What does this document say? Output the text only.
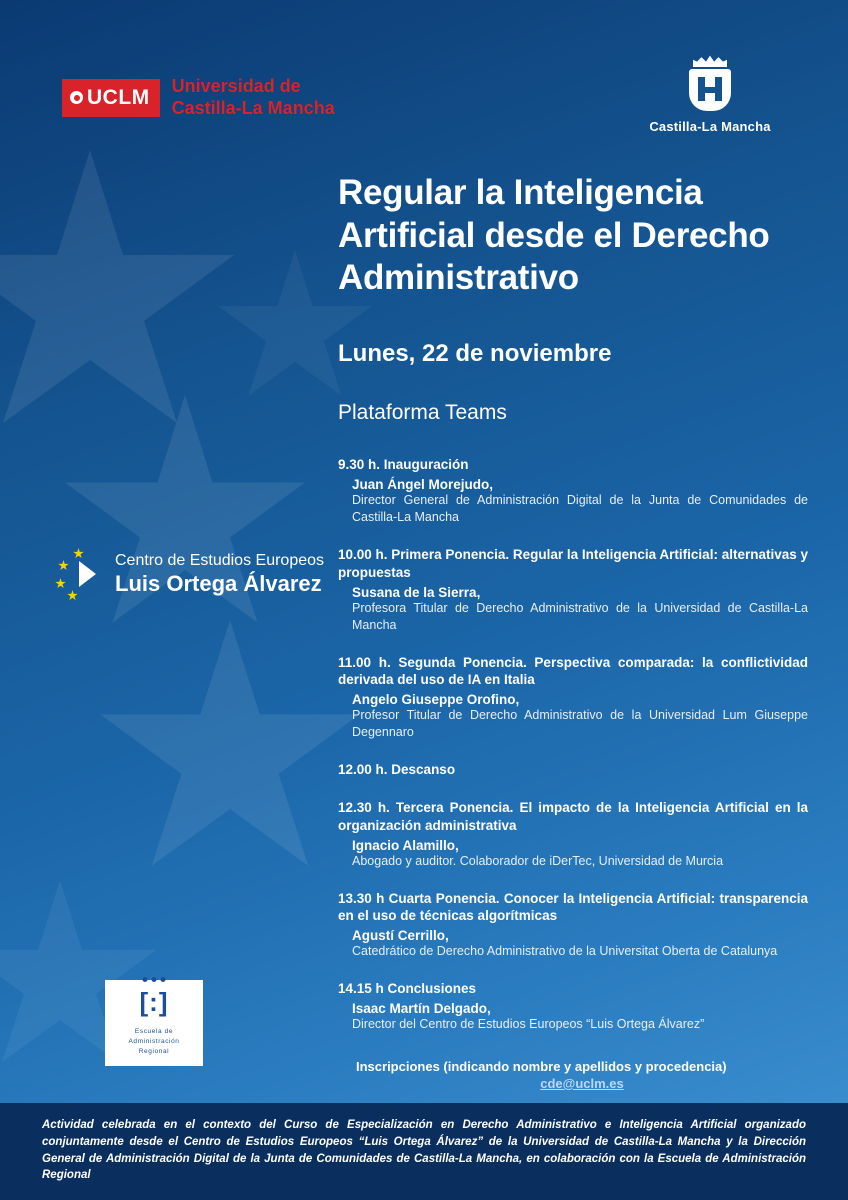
UCLM Universidad de
Castilla-La Mancha
Castilla-La Mancha
Centro de Estudios Europeos
Luis Ortega Álvarez
[:]
Escuela de
Administración
Regional
Regular la Inteligencia Artificial desde el Derecho Administrativo
Lunes, 22 de noviembre
Plataforma Teams
9.30 h. Inauguración
Juan Ángel Morejudo,
Director General de Administración Digital de la Junta de Comunidades de Castilla-La Mancha
10.00 h. Primera Ponencia. Regular la Inteligencia Artificial: alternativas y propuestas
Susana de la Sierra,
Profesora Titular de Derecho Administrativo de la Universidad de Castilla-La Mancha
11.00 h. Segunda Ponencia. Perspectiva comparada: la conflictividad derivada del uso de IA en Italia
Angelo Giuseppe Orofino,
Profesor Titular de Derecho Administrativo de la Universidad Lum Giuseppe Degennaro
12.00 h. Descanso
12.30 h. Tercera Ponencia. El impacto de la Inteligencia Artificial en la organización administrativa
Ignacio Alamillo,
Abogado y auditor. Colaborador de iDerTec, Universidad de Murcia
13.30 h Cuarta Ponencia. Conocer la Inteligencia Artificial: transparencia en el uso de técnicas algorítmicas
Agustí Cerrillo,
Catedrático de Derecho Administrativo de la Universitat Oberta de Catalunya
14.15 h Conclusiones
Isaac Martín Delgado,
Director del Centro de Estudios Europeos “Luis Ortega Álvarez”
Inscripciones (indicando nombre y apellidos y procedencia)
cde@uclm.es
Actividad celebrada en el contexto del Curso de Especialización en Derecho Administrativo e Inteligencia Artificial organizado conjuntamente desde el Centro de Estudios Europeos “Luis Ortega Álvarez” de la Universidad de Castilla-La Mancha y la Dirección General de Administración Digital de la Junta de Comunidades de Castilla-La Mancha, en colaboración con la Escuela de Administración Regional
